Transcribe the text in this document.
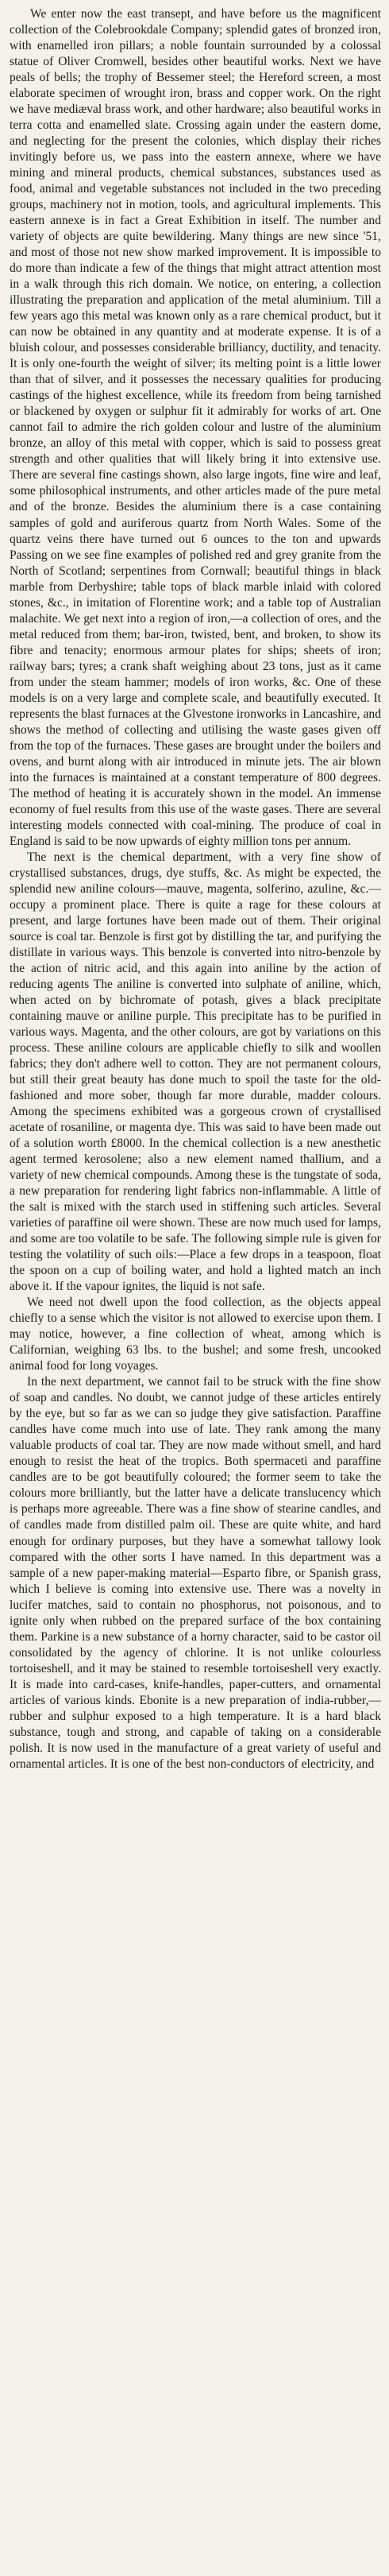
We enter now the east transept, and have before us the magnificent collection of the Colebrookdale Company; splendid gates of bronzed iron, with enamelled iron pillars; a noble fountain surrounded by a colossal statue of Oliver Cromwell, besides other beautiful works. Next we have peals of bells; the trophy of Bessemer steel; the Hereford screen, a most elaborate specimen of wrought iron, brass and copper work. On the right we have mediæval brass work, and other hardware; also beautiful works in terra cotta and enamelled slate. Crossing again under the eastern dome, and neglecting for the present the colonies, which display their riches invitingly before us, we pass into the eastern annexe, where we have mining and mineral products, chemical substances, substances used as food, animal and vegetable substances not included in the two preceding groups, machinery not in motion, tools, and agricultural implements. This eastern annexe is in fact a Great Exhibition in itself. The number and variety of objects are quite bewildering. Many things are new since '51, and most of those not new show marked improvement. It is impossible to do more than indicate a few of the things that might attract attention most in a walk through this rich domain. We notice, on entering, a collection illustrating the preparation and application of the metal aluminium. Till a few years ago this metal was known only as a rare chemical product, but it can now be obtained in any quantity and at moderate expense. It is of a bluish colour, and possesses considerable brilliancy, ductility, and tenacity. It is only one-fourth the weight of silver; its melting point is a little lower than that of silver, and it possesses the necessary qualities for producing castings of the highest excellence, while its freedom from being tarnished or blackened by oxygen or sulphur fit it admirably for works of art. One cannot fail to admire the rich golden colour and lustre of the aluminium bronze, an alloy of this metal with copper, which is said to possess great strength and other qualities that will likely bring it into extensive use. There are several fine castings shown, also large ingots, fine wire and leaf, some philosophical instruments, and other articles made of the pure metal and of the bronze. Besides the aluminium there is a case containing samples of gold and auriferous quartz from North Wales. Some of the quartz veins there have turned out 6 ounces to the ton and upwards Passing on we see fine examples of polished red and grey granite from the North of Scotland; serpentines from Cornwall; beautiful things in black marble from Derbyshire; table tops of black marble inlaid with colored stones, &c., in imitation of Florentine work; and a table top of Australian malachite. We get next into a region of iron,—a collection of ores, and the metal reduced from them; bar-iron, twisted, bent, and broken, to show its fibre and tenacity; enormous armour plates for ships; sheets of iron; railway bars; tyres; a crank shaft weighing about 23 tons, just as it came from under the steam hammer; models of iron works, &c. One of these models is on a very large and complete scale, and beautifully executed. It represents the blast furnaces at the Glvestone ironworks in Lancashire, and shows the method of collecting and utilising the waste gases given off from the top of the furnaces. These gases are brought under the boilers and ovens, and burnt along with air introduced in minute jets. The air blown into the furnaces is maintained at a constant temperature of 800 degrees. The method of heating it is accurately shown in the model. An immense economy of fuel results from this use of the waste gases. There are several interesting models connected with coal-mining. The produce of coal in England is said to be now upwards of eighty million tons per annum.

The next is the chemical department, with a very fine show of crystallised substances, drugs, dye stuffs, &c. As might be expected, the splendid new aniline colours—mauve, magenta, solferino, azuline, &c.—occupy a prominent place. There is quite a rage for these colours at present, and large fortunes have been made out of them. Their original source is coal tar. Benzole is first got by distilling the tar, and purifying the distillate in various ways. This benzole is converted into nitro-benzole by the action of nitric acid, and this again into aniline by the action of reducing agents The aniline is converted into sulphate of aniline, which, when acted on by bichromate of potash, gives a black precipitate containing mauve or aniline purple. This precipitate has to be purified in various ways. Magenta, and the other colours, are got by variations on this process. These aniline colours are applicable chiefly to silk and woollen fabrics; they don't adhere well to cotton. They are not permanent colours, but still their great beauty has done much to spoil the taste for the old-fashioned and more sober, though far more durable, madder colours. Among the specimens exhibited was a gorgeous crown of crystallised acetate of rosaniline, or magenta dye. This was said to have been made out of a solution worth £8000. In the chemical collection is a new anesthetic agent termed kerosolene; also a new element named thallium, and a variety of new chemical compounds. Among these is the tungstate of soda, a new preparation for rendering light fabrics non-inflammable. A little of the salt is mixed with the starch used in stiffening such articles. Several varieties of paraffine oil were shown. These are now much used for lamps, and some are too volatile to be safe. The following simple rule is given for testing the volatility of such oils:—Place a few drops in a teaspoon, float the spoon on a cup of boiling water, and hold a lighted match an inch above it. If the vapour ignites, the liquid is not safe.

We need not dwell upon the food collection, as the objects appeal chiefly to a sense which the visitor is not allowed to exercise upon them. I may notice, however, a fine collection of wheat, among which is Californian, weighing 63 lbs. to the bushel; and some fresh, uncooked animal food for long voyages.

In the next department, we cannot fail to be struck with the fine show of soap and candles. No doubt, we cannot judge of these articles entirely by the eye, but so far as we can so judge they give satisfaction. Paraffine candles have come much into use of late. They rank among the many valuable products of coal tar. They are now made without smell, and hard enough to resist the heat of the tropics. Both spermaceti and paraffine candles are to be got beautifully coloured; the former seem to take the colours more brilliantly, but the latter have a delicate translucency which is perhaps more agreeable. There was a fine show of stearine candles, and of candles made from distilled palm oil. These are quite white, and hard enough for ordinary purposes, but they have a somewhat tallowy look compared with the other sorts I have named. In this department was a sample of a new paper-making material—Esparto fibre, or Spanish grass, which I believe is coming into extensive use. There was a novelty in lucifer matches, said to contain no phosphorus, not poisonous, and to ignite only when rubbed on the prepared surface of the box containing them. Parkine is a new substance of a horny character, said to be castor oil consolidated by the agency of chlorine. It is not unlike colourless tortoiseshell, and it may be stained to resemble tortoiseshell very exactly. It is made into card-cases, knife-handles, paper-cutters, and ornamental articles of various kinds. Ebonite is a new preparation of india-rubber,—rubber and sulphur exposed to a high temperature. It is a hard black substance, tough and strong, and capable of taking on a considerable polish. It is now used in the manufacture of a great variety of useful and ornamental articles. It is one of the best non-conductors of electricity, and
